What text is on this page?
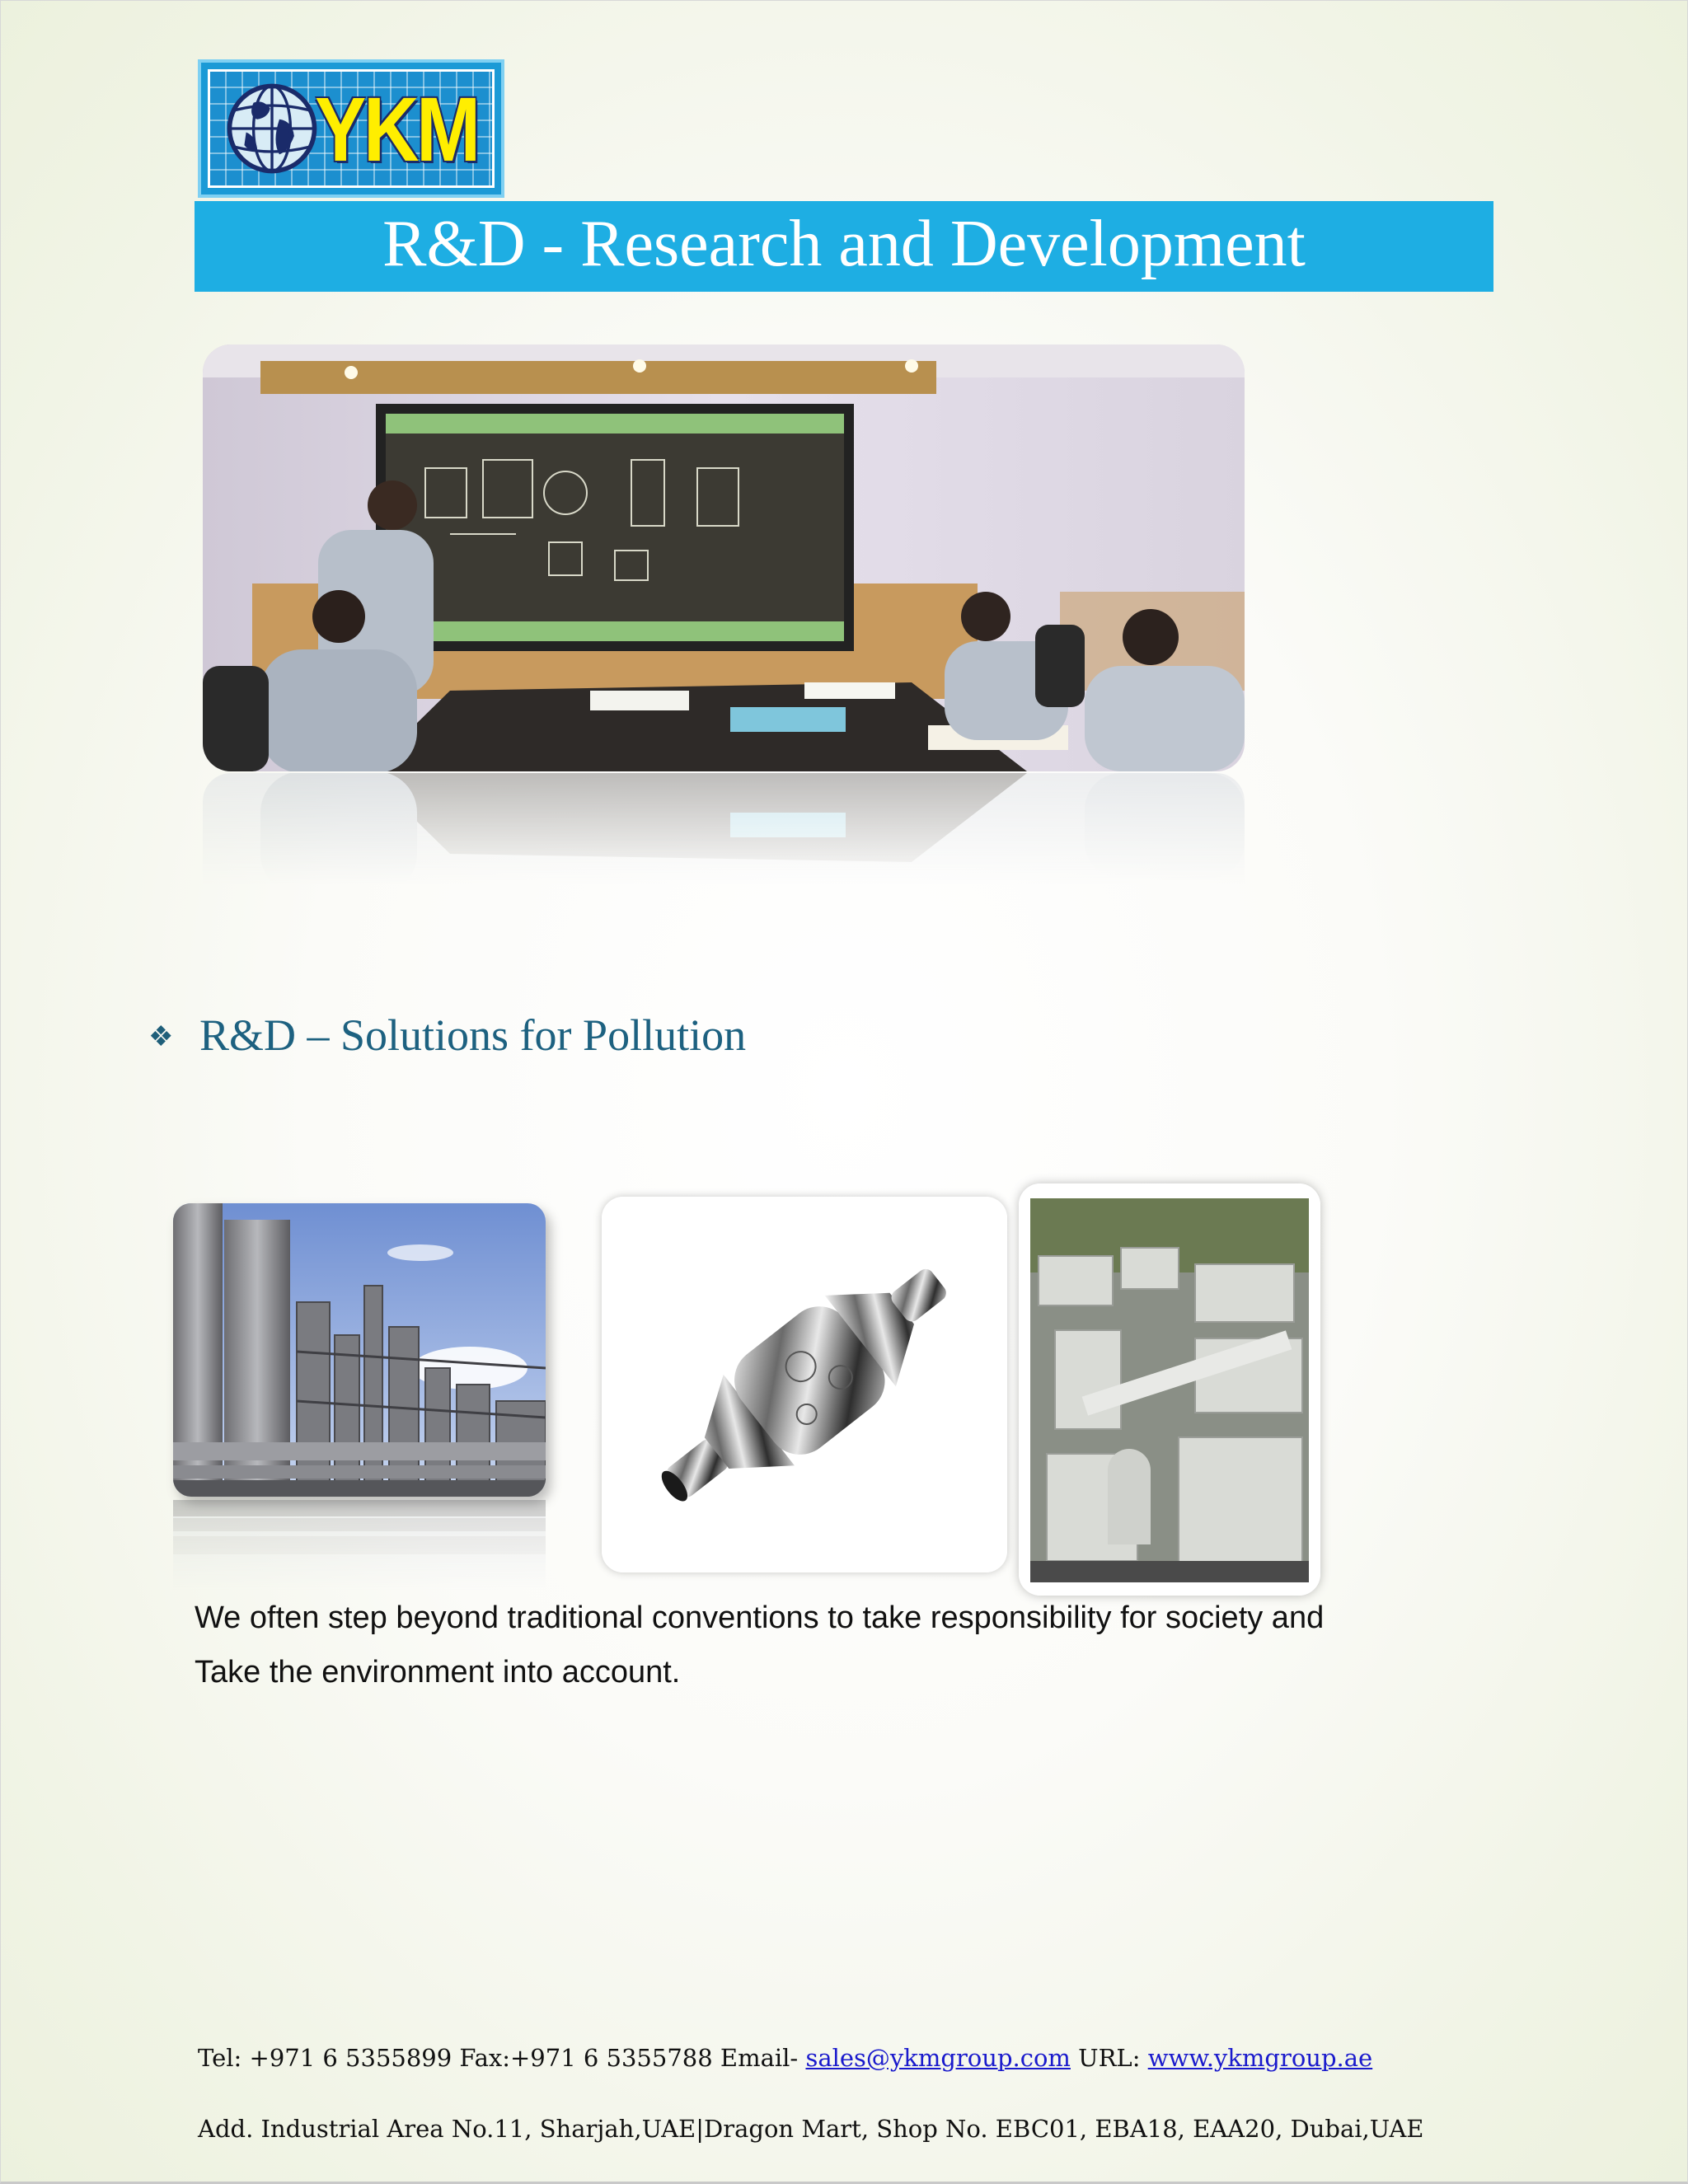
YKM
R&D - Research and Development
❖ R&D – Solutions for Pollution

We often step beyond traditional conventions to take responsibility for society and

Take the environment into account.

Tel: +971 6 5355899 Fax:+971 6 5355788 Email- sales@ykmgroup.com URL: www.ykmgroup.ae
Add. Industrial Area No.11, Sharjah,UAE|Dragon Mart, Shop No. EBC01, EBA18, EAA20, Dubai,UAE
